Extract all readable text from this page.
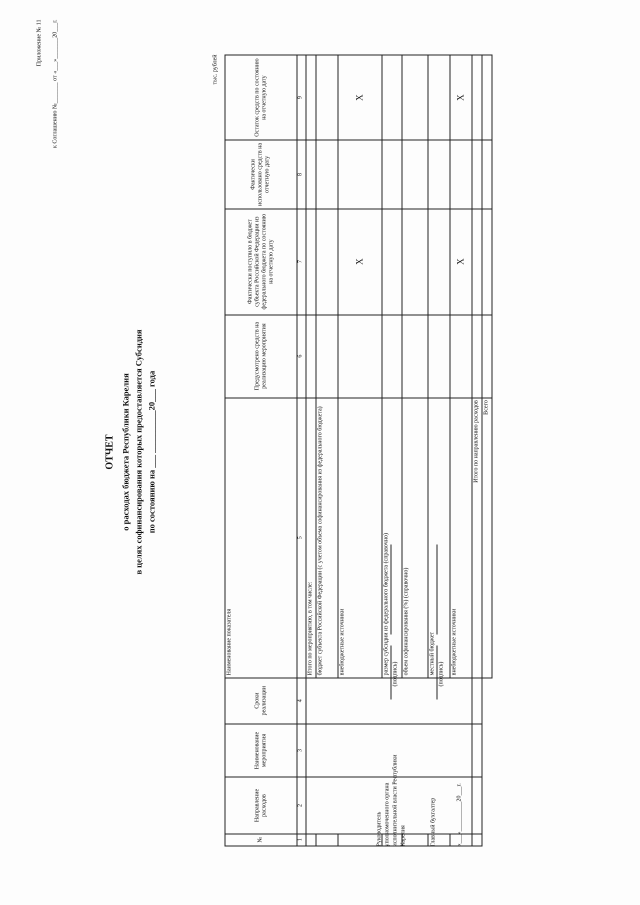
Приложение № 11 к Соглашению №_______ от «___»_______20___г.
ОТЧЕТ о расходах бюджета Республики Карелия в целях софинансирования которых предоставляется Субсидия по состоянию на ___ __________20___ года
тыс. рублей
№	Направление расходов	Наименование мероприятия	Сроки реализации	Наименование показателя	Предусмотрено средств на реализацию мероприятия	Фактически поступило в бюджет субъекта Российской Федерации из федерального бюджета по состоянию на отчетную дату	Фактически использовано средств на отчетную дату	Остаток средств по состоянию на отчетную дату
1	2	3	4	5	6	7	8	9
				Итого по мероприятию, в том числе:				
				бюджет субъекта Российской Федерации (с учетом объема софинансирования из федерального бюджета)				
				внебюджетные источники		X		X
				размер субсидии из федерального бюджета (справочно)				
				объем софинансирования (%) (справочно)				
				местный бюджет				
				внебюджетные источники		X		X
				Итого по направлению расходов				
				Всего				
Руководитель уполномоченного органа исполнительной власти Республики Карелия
(подпись)
Главный бухгалтер
(подпись)
«___»__________20___г.
